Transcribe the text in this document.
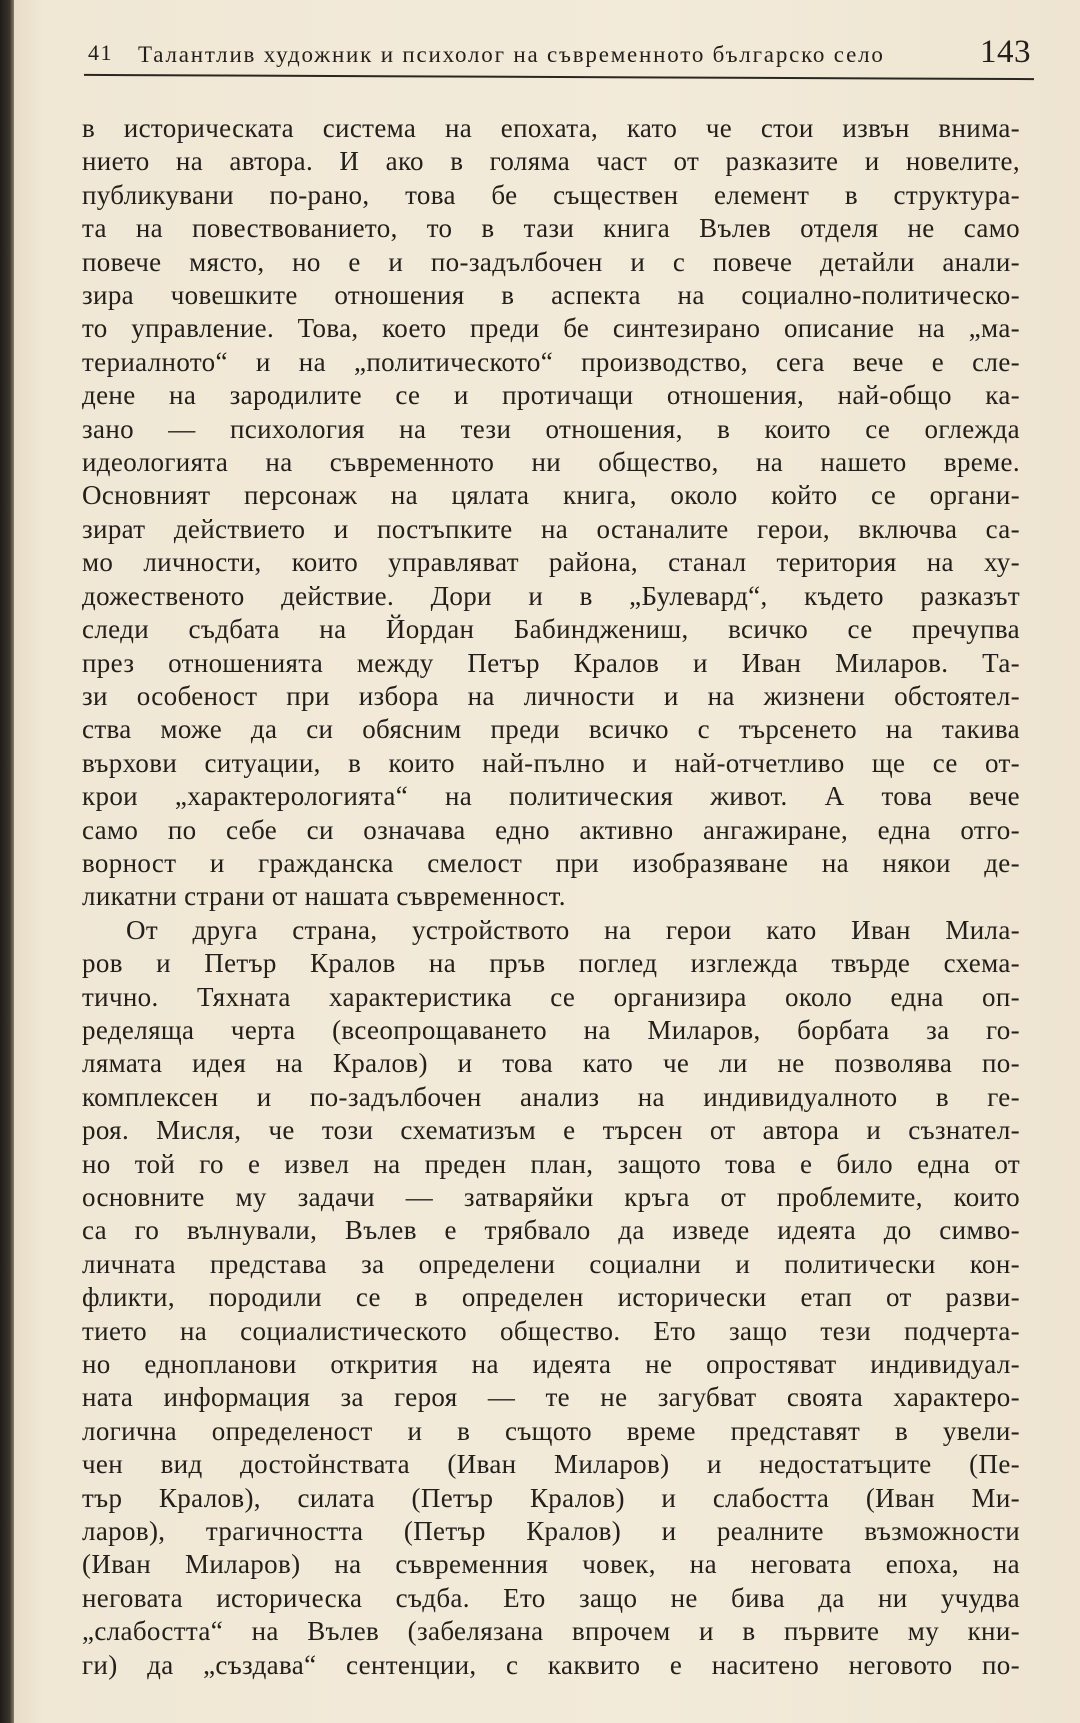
41 Талантлив художник и психолог на съвременното българско село	143

в историческата система на епохата, като че стои извън внима-
нието на автора. И ако в голяма част от разказите и новелите,
публикувани по-рано, това бе съществен елемент в структура-
та на повествованието, то в тази книга Вълев отделя не само
повече място, но е и по-задълбочен и с повече детайли анали-
зира човешките отношения в аспекта на социално-политическо-
то управление. Това, което преди бе синтезирано описание на „ма-
териалното“ и на „политическото“ производство, сега вече е сле-
дене на зародилите се и протичащи отношения, най-общо ка-
зано — психология на тези отношения, в които се оглежда
идеологията на съвременното ни общество, на нашето време.
Основният персонаж на цялата книга, около който се органи-
зират действието и постъпките на останалите герои, включва са-
мо личности, които управляват района, станал територия на ху-
дожественото действие. Дори и в „Булевард“, където разказът
следи съдбата на Йордан Бабинджениш, всичко се пречупва
през отношенията между Петър Кралов и Иван Миларов. Та-
зи особеност при избора на личности и на жизнени обстоятел-
ства може да си обясним преди всичко с търсенето на такива
върхови ситуации, в които най-пълно и най-отчетливо ще се от-
крои „характерологията“ на политическия живот. А това вече
само по себе си означава едно активно ангажиране, една отго-
ворност и гражданска смелост при изобразяване на някои де-
ликатни страни от нашата съвременност.

От друга страна, устройството на герои като Иван Мила-
ров и Петър Кралов на пръв поглед изглежда твърде схема-
тично. Тяхната характеристика се организира около една оп-
ределяща черта (всеопрощаването на Миларов, борбата за го-
лямата идея на Кралов) и това като че ли не позволява по-
комплексен и по-задълбочен анализ на индивидуалното в ге-
роя. Мисля, че този схематизъм е търсен от автора и съзнател-
но той го е извел на преден план, защото това е било една от
основните му задачи — затваряйки кръга от проблемите, които
са го вълнували, Вълев е трябвало да изведе идеята до симво-
личната представа за определени социални и политически кон-
фликти, породили се в определен исторически етап от разви-
тието на социалистическото общество. Ето защо тези подчерта-
но еднопланови открития на идеята не опростяват индивидуал-
ната информация за героя — те не загубват своята характеро-
логична определеност и в същото време представят в увели-
чен вид достойнствата (Иван Миларов) и недостатъците (Пе-
тър Кралов), силата (Петър Кралов) и слабостта (Иван Ми-
ларов), трагичността (Петър Кралов) и реалните възможности
(Иван Миларов) на съвременния човек, на неговата епоха, на
неговата историческа съдба. Ето защо не бива да ни учудва
„слабостта“ на Вълев (забелязана впрочем и в първите му кни-
ги) да „създава“ сентенции, с каквито е наситено неговото по-
